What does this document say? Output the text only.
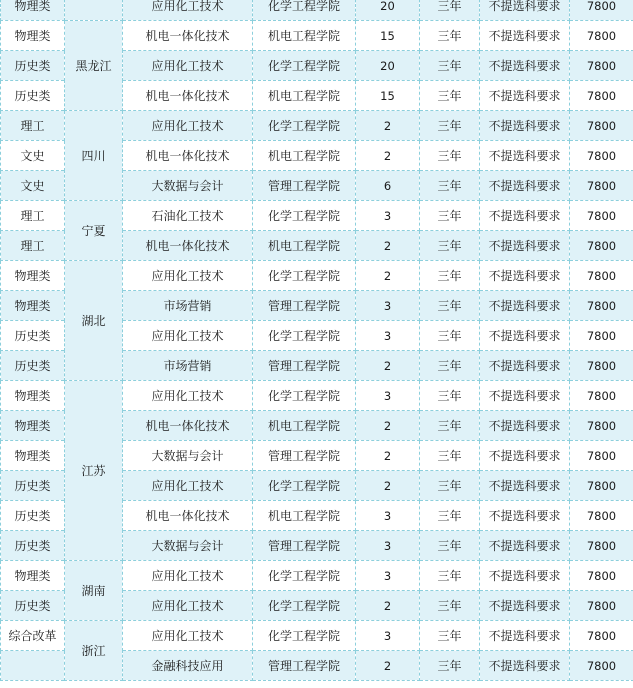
物理类		应用化工技术	化学工程学院	20	三年	不提选科要求	7800
物理类	黑龙江	机电一体化技术	机电工程学院	15	三年	不提选科要求	7800
历史类		应用化工技术	化学工程学院	20	三年	不提选科要求	7800
历史类		机电一体化技术	机电工程学院	15	三年	不提选科要求	7800
理工	四川	应用化工技术	化学工程学院	2	三年	不提选科要求	7800
文史		机电一体化技术	机电工程学院	2	三年	不提选科要求	7800
文史		大数据与会计	管理工程学院	6	三年	不提选科要求	7800
理工	宁夏	石油化工技术	化学工程学院	3	三年	不提选科要求	7800
理工		机电一体化技术	机电工程学院	2	三年	不提选科要求	7800
物理类	湖北	应用化工技术	化学工程学院	2	三年	不提选科要求	7800
物理类		市场营销	管理工程学院	3	三年	不提选科要求	7800
历史类		应用化工技术	化学工程学院	3	三年	不提选科要求	7800
历史类		市场营销	管理工程学院	2	三年	不提选科要求	7800
物理类	江苏	应用化工技术	化学工程学院	3	三年	不提选科要求	7800
物理类		机电一体化技术	机电工程学院	2	三年	不提选科要求	7800
物理类		大数据与会计	管理工程学院	2	三年	不提选科要求	7800
历史类		应用化工技术	化学工程学院	2	三年	不提选科要求	7800
历史类		机电一体化技术	机电工程学院	3	三年	不提选科要求	7800
历史类		大数据与会计	管理工程学院	3	三年	不提选科要求	7800
物理类	湖南	应用化工技术	化学工程学院	3	三年	不提选科要求	7800
历史类		应用化工技术	化学工程学院	2	三年	不提选科要求	7800
综合改革	浙江	应用化工技术	化学工程学院	3	三年	不提选科要求	7800
		金融科技应用	管理工程学院	2	三年	不提选科要求	7800
